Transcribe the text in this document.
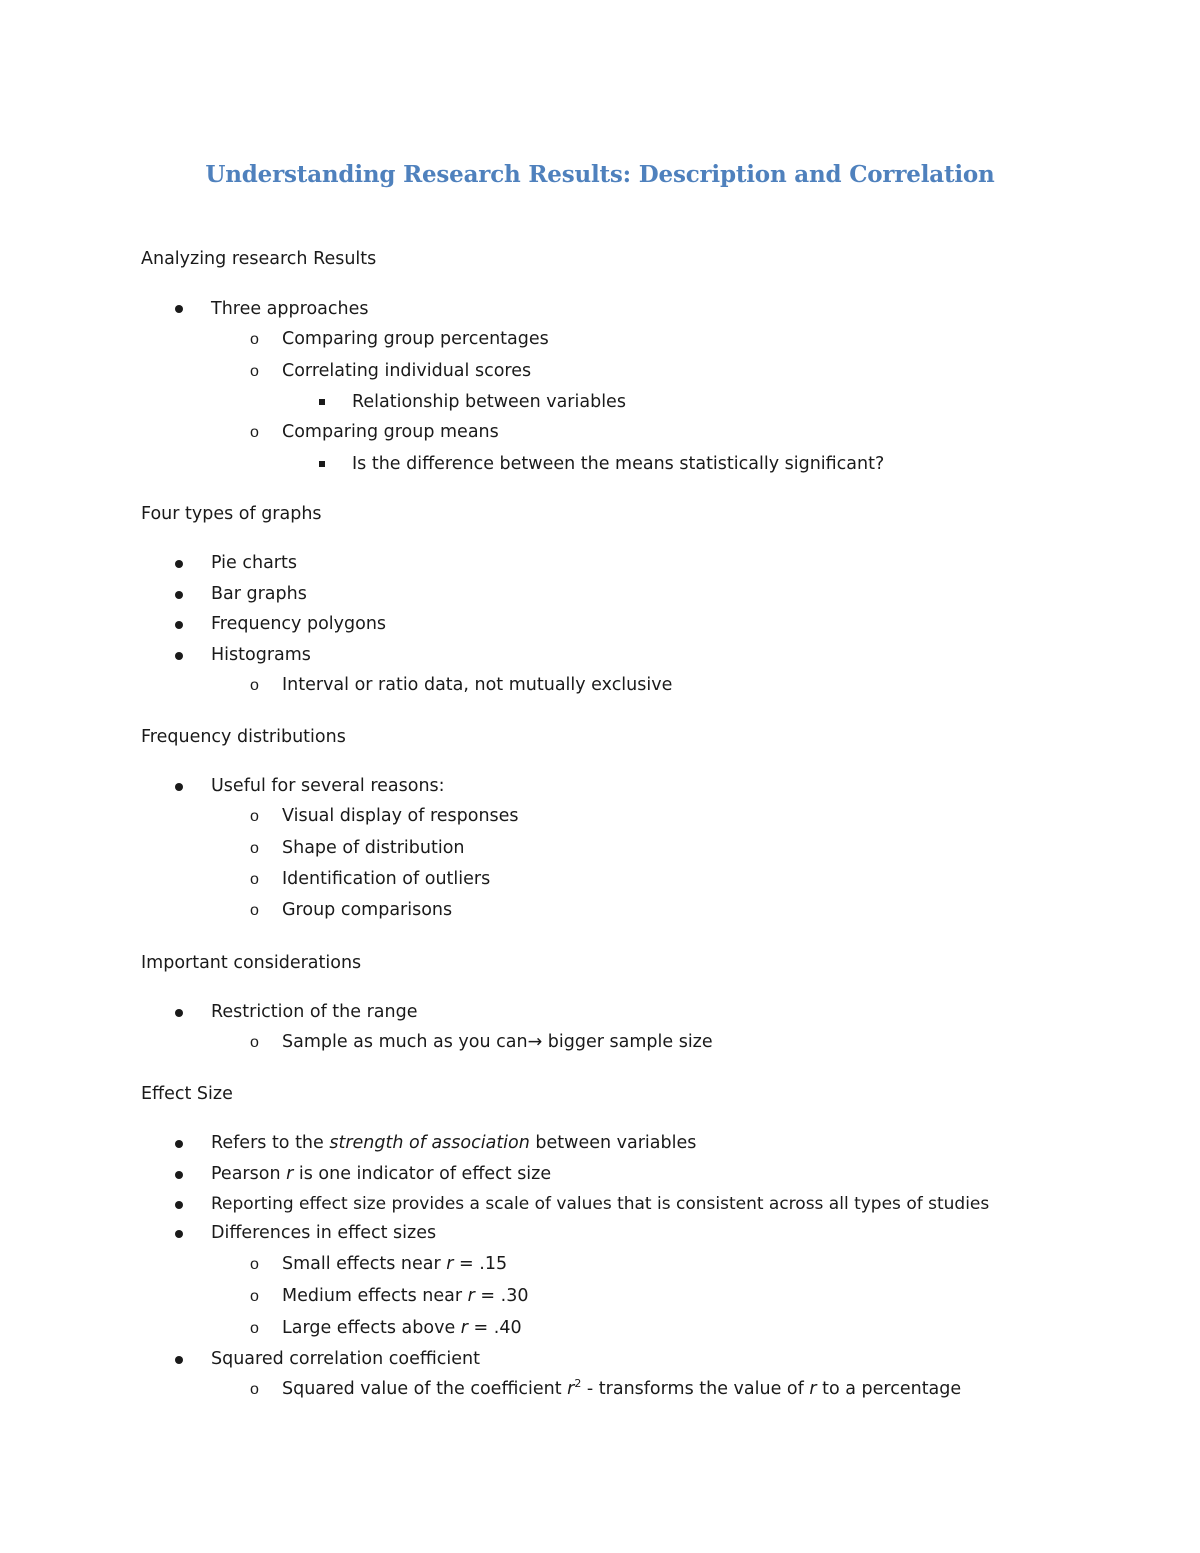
Understanding Research Results: Description and Correlation
Analyzing research Results
Three approaches
o Comparing group percentages
o Correlating individual scores
Relationship between variables
o Comparing group means
Is the difference between the means statistically significant?
Four types of graphs
Pie charts
Bar graphs
Frequency polygons
Histograms
o Interval or ratio data, not mutually exclusive
Frequency distributions
Useful for several reasons:
o Visual display of responses
o Shape of distribution
o Identification of outliers
o Group comparisons
Important considerations
Restriction of the range
o Sample as much as you can→ bigger sample size
Effect Size
Refers to the strength of association between variables
Pearson r is one indicator of effect size
Reporting effect size provides a scale of values that is consistent across all types of studies
Differences in effect sizes
o Small effects near r = .15
o Medium effects near r = .30
o Large effects above r = .40
Squared correlation coefficient
o Squared value of the coefficient $r^2$ - transforms the value of r to a percentage
